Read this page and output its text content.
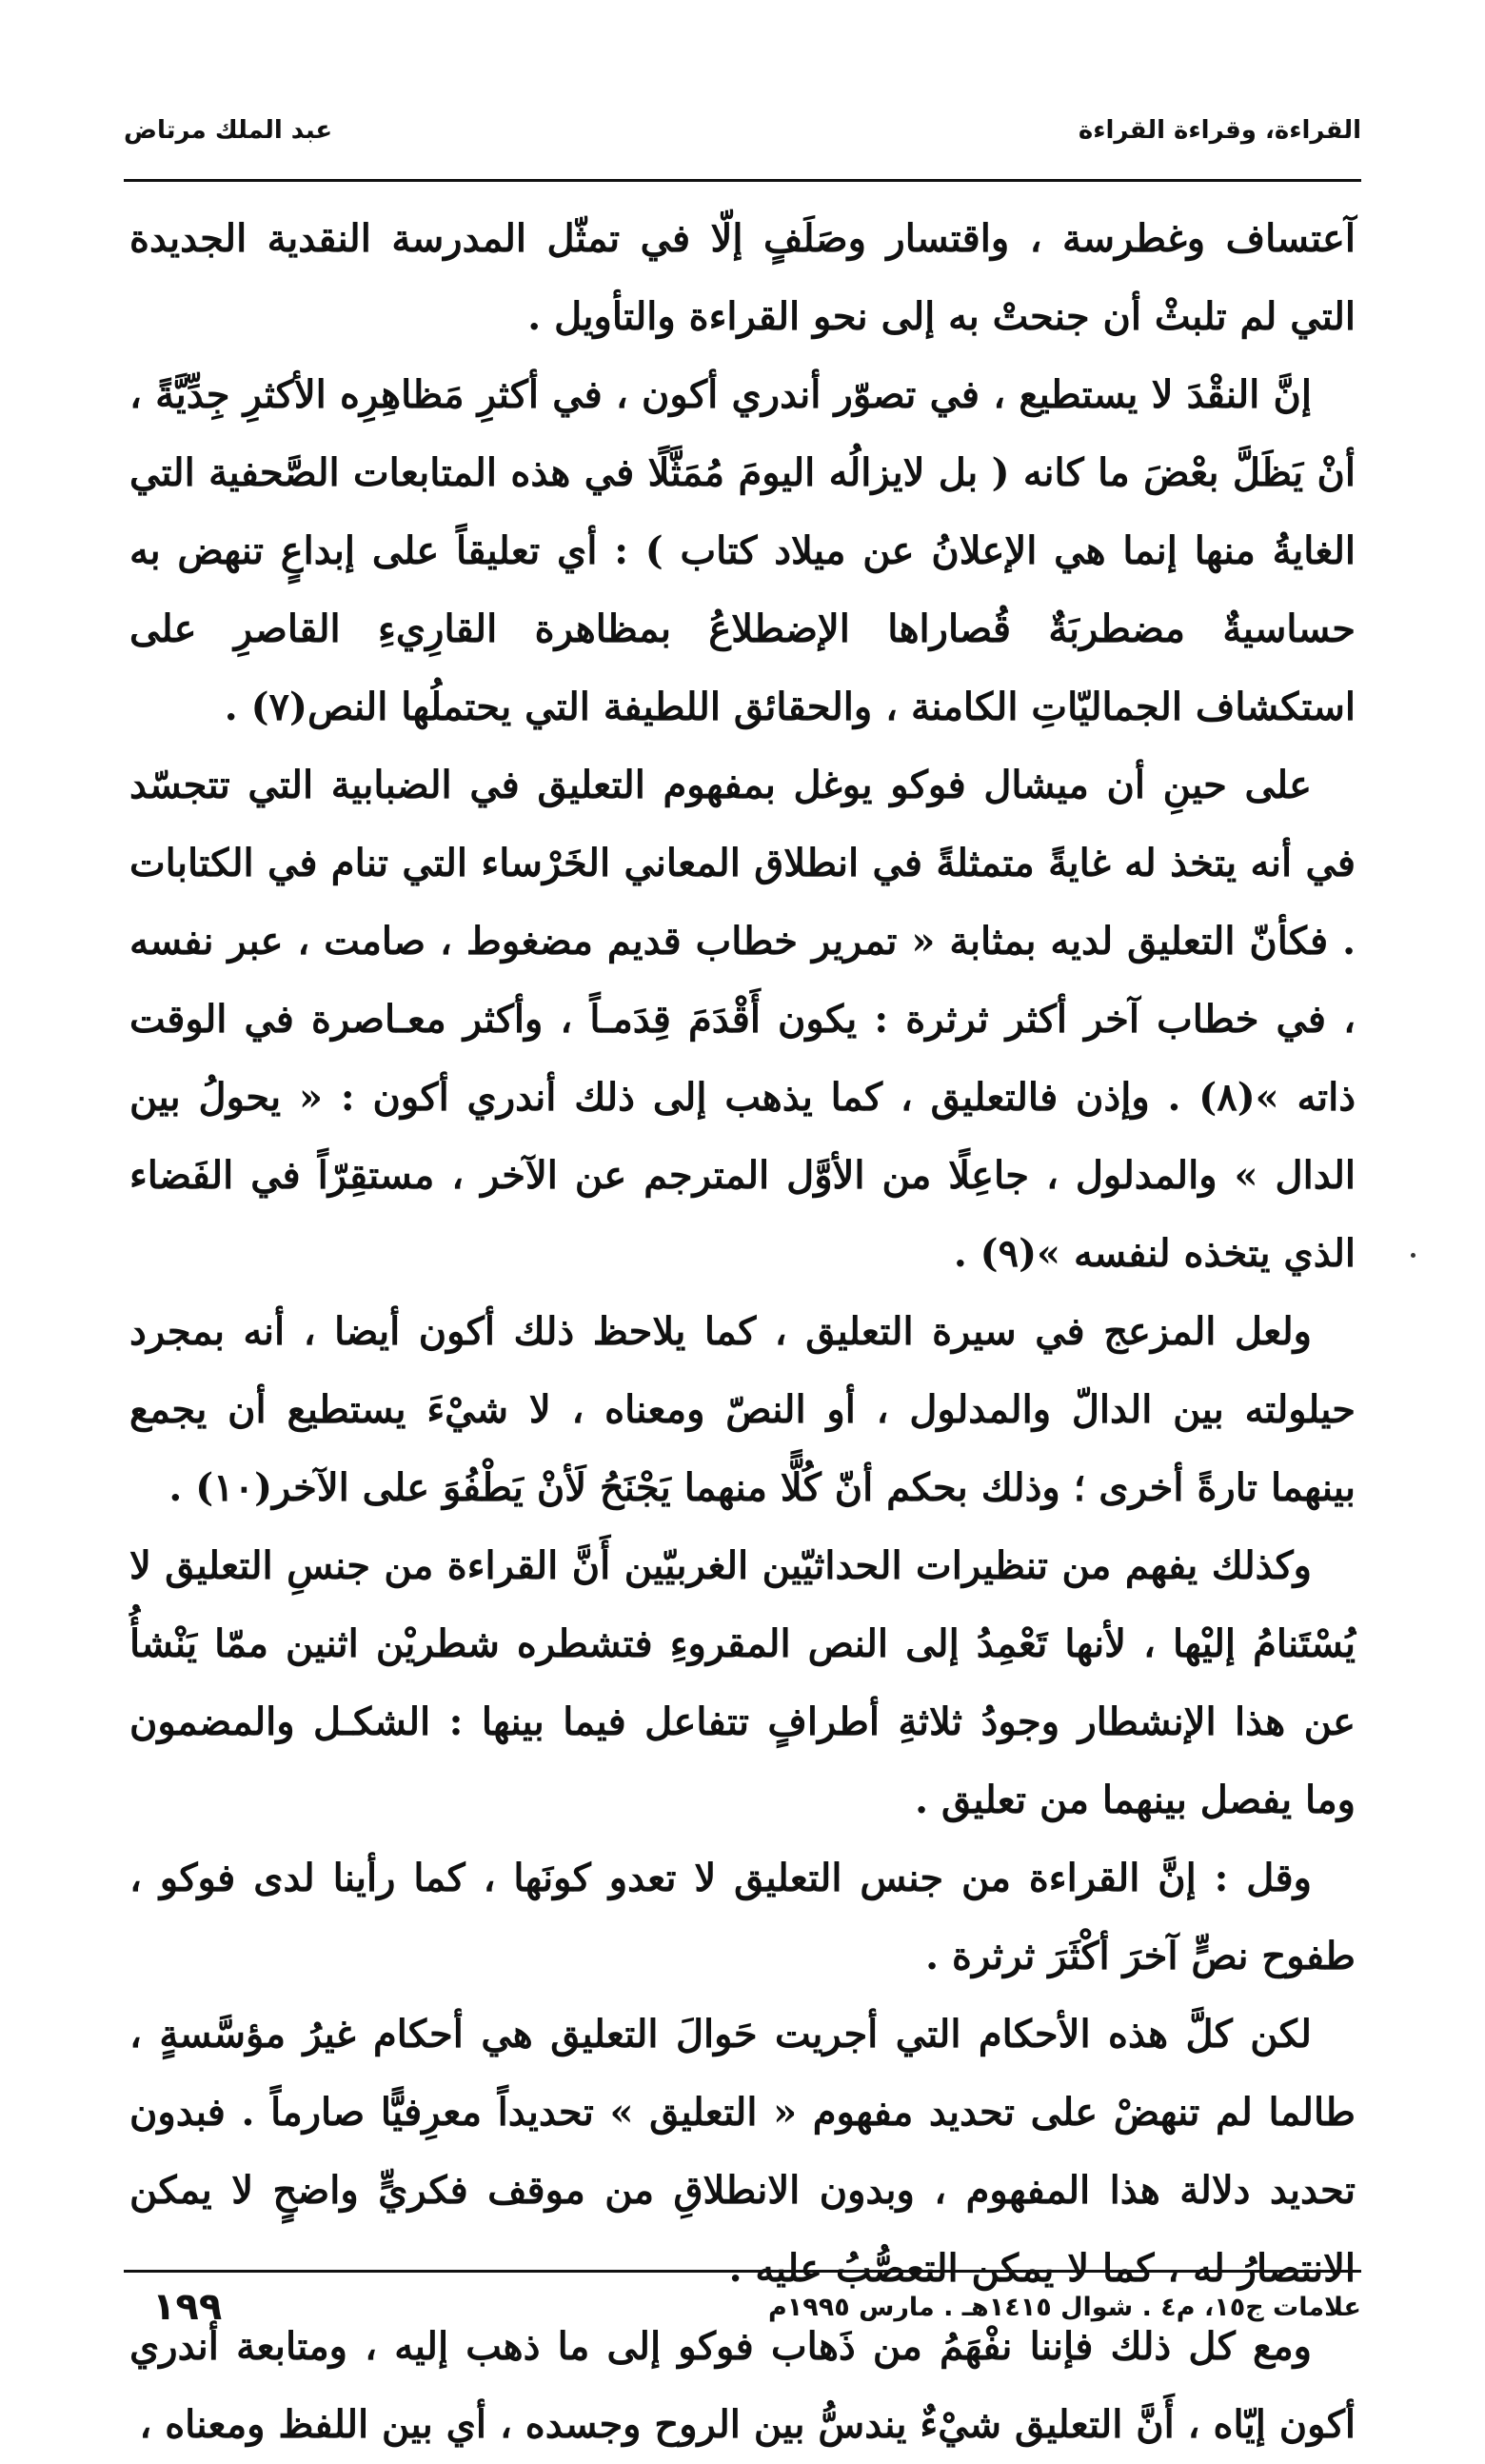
القراءة، وقراءة القراءة
عبد الملك مرتاض

آعتساف وغطرسة ، واقتسار وصَلَفٍ إلّا في تمثّل المدرسة النقدية الجديدة التي لم تلبثْ أن جنحتْ به إلى نحو القراءة والتأويل .

إنَّ النقْدَ لا يستطيع ، في تصوّر أندري أكون ، في أكثرِ مَظاهِرِه الأكثرِ جِدِّيَّةً ، أنْ يَظَلَّ بعْضَ ما كانه ( بل لايزالُه اليومَ مُمَثَّلًا في هذه المتابعات الصَّحفية التي الغايةُ منها إنما هي الإعلانُ عن ميلاد كتاب ) : أي تعليقاً على إبداعٍ تنهض به حساسيةٌ مضطربَةٌ قُصاراها الإضطلاعُ بمظاهرة القارِيءِ القاصرِ على استكشاف الجماليّاتِ الكامنة ، والحقائق اللطيفة التي يحتملُها النص(٧) .

على حينِ أن ميشال فوكو يوغل بمفهوم التعليق في الضبابية التي تتجسّد في أنه يتخذ له غايةً متمثلةً في انطلاق المعاني الخَرْساء التي تنام في الكتابات . فكأنّ التعليق لديه بمثابة « تمرير خطاب قديم مضغوط ، صامت ، عبر نفسه ، في خطاب آخر أكثر ثرثرة : يكون أَقْدَمَ قِدَمـاً ، وأكثر معـاصرة في الوقت ذاته »(٨) . وإذن فالتعليق ، كما يذهب إلى ذلك أندري أكون : « يحولُ بين الدال » والمدلول ، جاعِلًا من الأوَّل المترجم عن الآخر ، مستقِرّاً في الفَضاء الذي يتخذه لنفسه »(٩) .

ولعل المزعج في سيرة التعليق ، كما يلاحظ ذلك أكون أيضا ، أنه بمجرد حيلولته بين الدالّ والمدلول ، أو النصّ ومعناه ، لا شيْءَ يستطيع أن يجمع بينهما تارةً أخرى ؛ وذلك بحكم أنّ كُلًّا منهما يَجْنَحُ لَأنْ يَطْفُوَ على الآخر(١٠) .

وكذلك يفهم من تنظيرات الحداثيّين الغربيّين أَنَّ القراءة من جنسِ التعليق لا يُسْتَنامُ إليْها ، لأنها تَعْمِدُ إلى النص المقروءِ فتشطره شطريْن اثنين ممّا يَنْشأُ عن هذا الإنشطار وجودُ ثلاثةِ أطرافٍ تتفاعل فيما بينها : الشكـل والمضمون وما يفصل بينهما من تعليق .

وقل : إنَّ القراءة من جنس التعليق لا تعدو كونَها ، كما رأينا لدى فوكو ، طفوح نصٍّ آخرَ أكْثَرَ ثرثرة .

لكن كلَّ هذه الأحكام التي أجريت حَوالَ التعليق هي أحكام غيرُ مؤسَّسةٍ ، طالما لم تنهضْ على تحديد مفهوم « التعليق » تحديداً معرِفيًّا صارماً . فبدون تحديد دلالة هذا المفهوم ، وبدون الانطلاقِ من موقف فكريٍّ واضحٍ لا يمكن الانتصارُ له ، كما لا يمكن التعصُّبُ عليه .

ومع كل ذلك فإننا نفْهَمُ من ذَهاب فوكو إلى ما ذهب إليه ، ومتابعة أندري أكون إيّاه ، أَنَّ التعليق شيْءٌ يندسُّ بين الروح وجسده ، أي بين اللفظ ومعناه ،

علامات ج١٥، م٤ . شوال ١٤١٥هـ . مارس ١٩٩٥م
١٩٩
